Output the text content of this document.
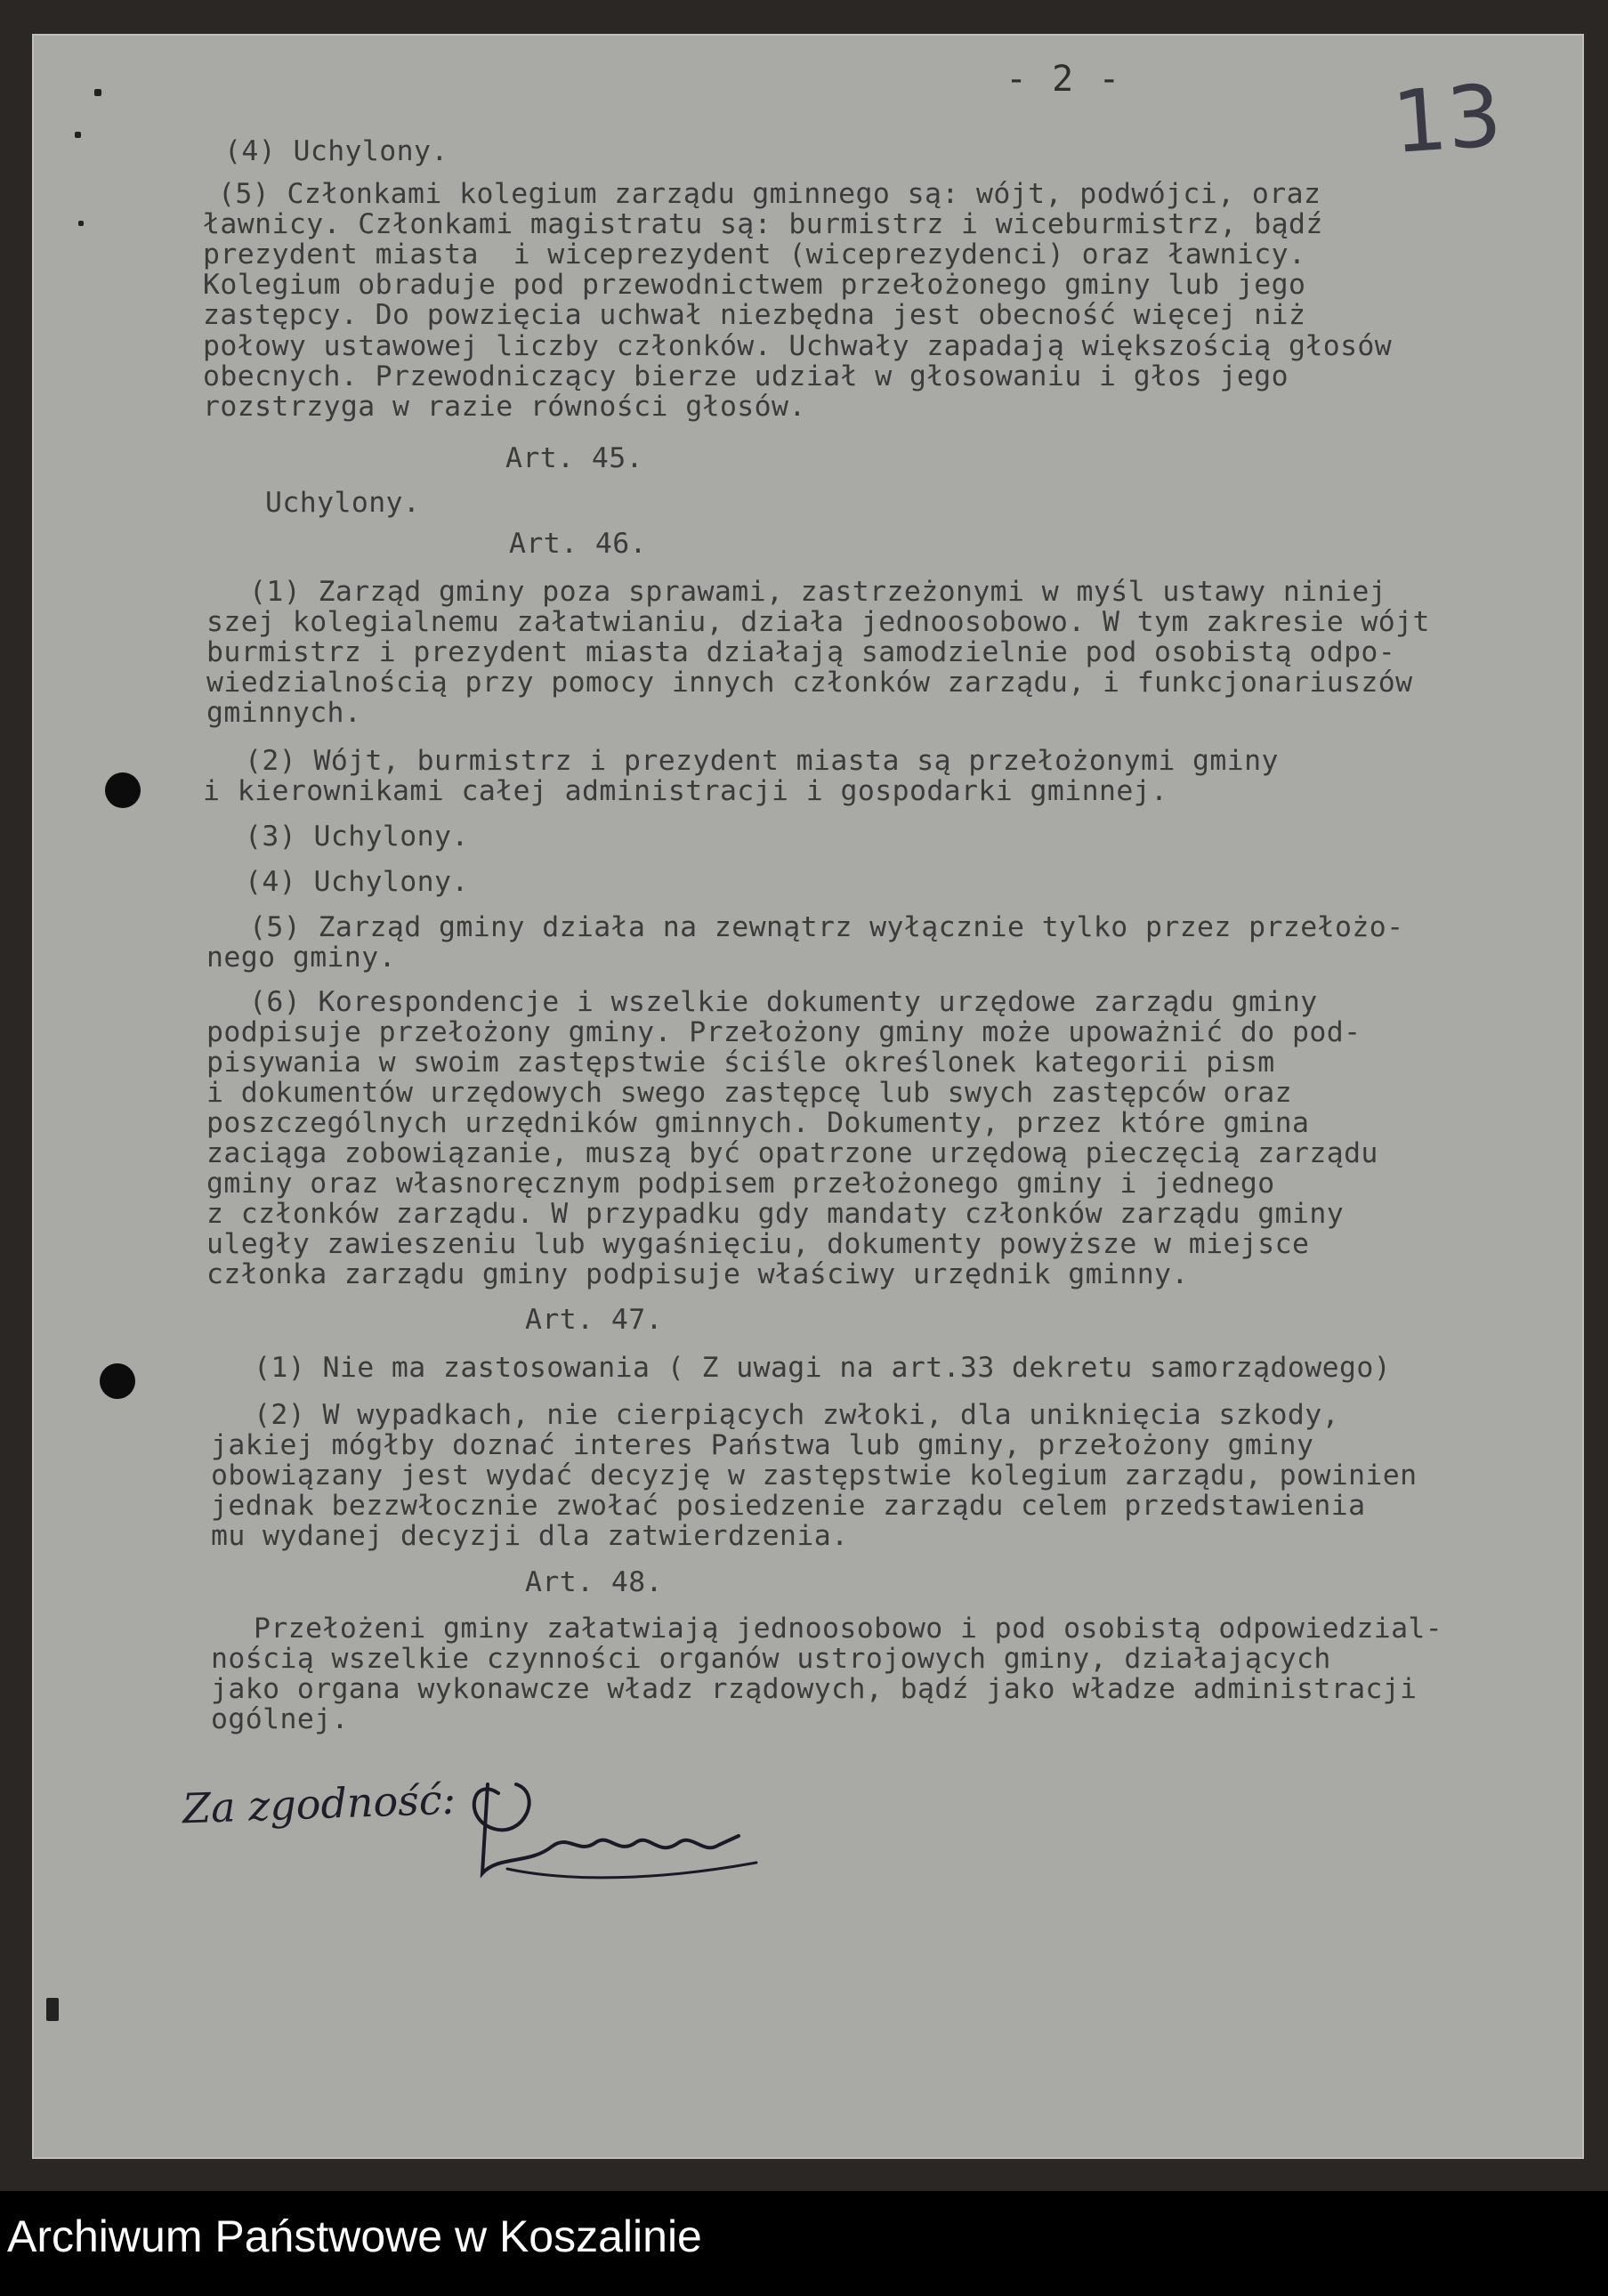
- 2 -	13
(4) Uchylony.
(5) Członkami kolegium zarządu gminnego są: wójt, podwójci, oraz
ławnicy. Członkami magistratu są: burmistrz i wiceburmistrz, bądź
prezydent miasta  i wiceprezydent (wiceprezydenci) oraz ławnicy.
Kolegium obraduje pod przewodnictwem przełożonego gminy lub jego
zastępcy. Do powzięcia uchwał niezbędna jest obecność więcej niż
połowy ustawowej liczby członków. Uchwały zapadają większością głosów
obecnych. Przewodniczący bierze udział w głosowaniu i głos jego
rozstrzyga w razie równości głosów.
Art. 45.
Uchylony.
Art. 46.
(1) Zarząd gminy poza sprawami, zastrzeżonymi w myśl ustawy niniej
szej kolegialnemu załatwianiu, działa jednoosobowo. W tym zakresie wójt
burmistrz i prezydent miasta działają samodzielnie pod osobistą odpo-
wiedzialnością przy pomocy innych członków zarządu, i funkcjonariuszów
gminnych.
(2) Wójt, burmistrz i prezydent miasta są przełożonymi gminy
i kierownikami całej administracji i gospodarki gminnej.
(3) Uchylony.
(4) Uchylony.
(5) Zarząd gminy działa na zewnątrz wyłącznie tylko przez przełożo-
nego gminy.
(6) Korespondencje i wszelkie dokumenty urzędowe zarządu gminy
podpisuje przełożony gminy. Przełożony gminy może upoważnić do pod-
pisywania w swoim zastępstwie ściśle określonek kategorii pism
i dokumentów urzędowych swego zastępcę lub swych zastępców oraz
poszczególnych urzędników gminnych. Dokumenty, przez które gmina
zaciąga zobowiązanie, muszą być opatrzone urzędową pieczęcią zarządu
gminy oraz własnoręcznym podpisem przełożonego gminy i jednego
z członków zarządu. W przypadku gdy mandaty członków zarządu gminy
uległy zawieszeniu lub wygaśnięciu, dokumenty powyższe w miejsce
członka zarządu gminy podpisuje właściwy urzędnik gminny.
Art. 47.
(1) Nie ma zastosowania ( Z uwagi na art.33 dekretu samorządowego)
(2) W wypadkach, nie cierpiących zwłoki, dla uniknięcia szkody,
jakiej mógłby doznać interes Państwa lub gminy, przełożony gminy
obowiązany jest wydać decyzję w zastępstwie kolegium zarządu, powinien
jednak bezzwłocznie zwołać posiedzenie zarządu celem przedstawienia
mu wydanej decyzji dla zatwierdzenia.
Art. 48.
Przełożeni gminy załatwiają jednoosobowo i pod osobistą odpowiedzial-
nością wszelkie czynności organów ustrojowych gminy, działających
jako organa wykonawcze władz rządowych, bądź jako władze administracji
ogólnej.
Za zgodność:
Archiwum Państwowe w Koszalinie
